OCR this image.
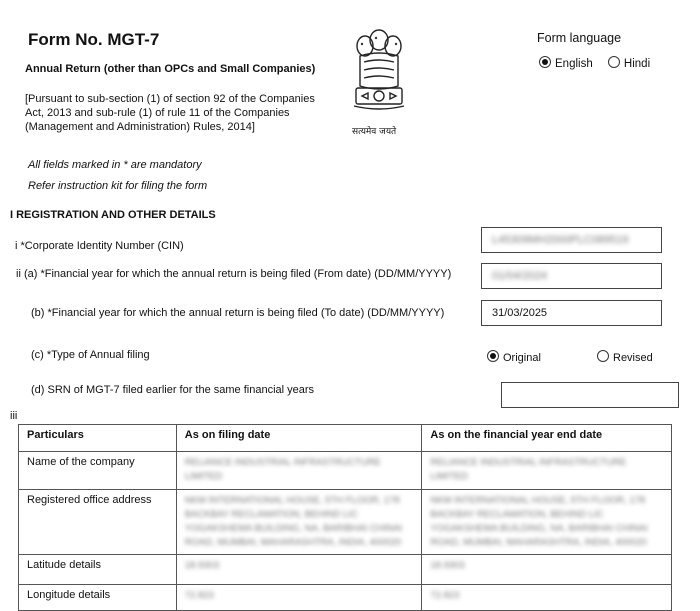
Form No. MGT-7
Annual Return (other than OPCs and Small Companies)
[Pursuant to sub-section (1) of section 92 of the Companies Act, 2013 and sub-rule (1) of rule 11 of the Companies (Management and Administration) Rules, 2014]	सत्यमेव जयते
Form language
English	Hindi
All fields marked in * are mandatory
Refer instruction kit for filing the form
I REGISTRATION AND OTHER DETAILS
i *Corporate Identity Number (CIN)	L45309MH2000PLC089519
ii (a) *Financial year for which the annual return is being filed (From date) (DD/MM/YYYY)	01/04/2024
(b) *Financial year for which the annual return is being filed (To date) (DD/MM/YYYY)	31/03/2025
(c) *Type of Annual filing	Original	Revised
(d) SRN of MGT-7 filed earlier for the same financial years
iii
Particulars	As on filing date	As on the financial year end date
Name of the company	RELIANCE INDUSTRIAL INFRASTRUCTURE LIMITED	RELIANCE INDUSTRIAL INFRASTRUCTURE LIMITED
Registered office address	NKM INTERNATIONAL HOUSE, 5TH FLOOR, 178 BACKBAY RECLAMATION, BEHIND LIC YOGAKSHEMA BUILDING, NA, BARIBHAI CHINAI ROAD, MUMBAI, MAHARASHTRA, INDIA, 400020	NKM INTERNATIONAL HOUSE, 5TH FLOOR, 178 BACKBAY RECLAMATION, BEHIND LIC YOGAKSHEMA BUILDING, NA, BARIBHAI CHINAI ROAD, MUMBAI, MAHARASHTRA, INDIA, 400020
Latitude details	18.9303	18.9303
Longitude details	72.823	72.823
